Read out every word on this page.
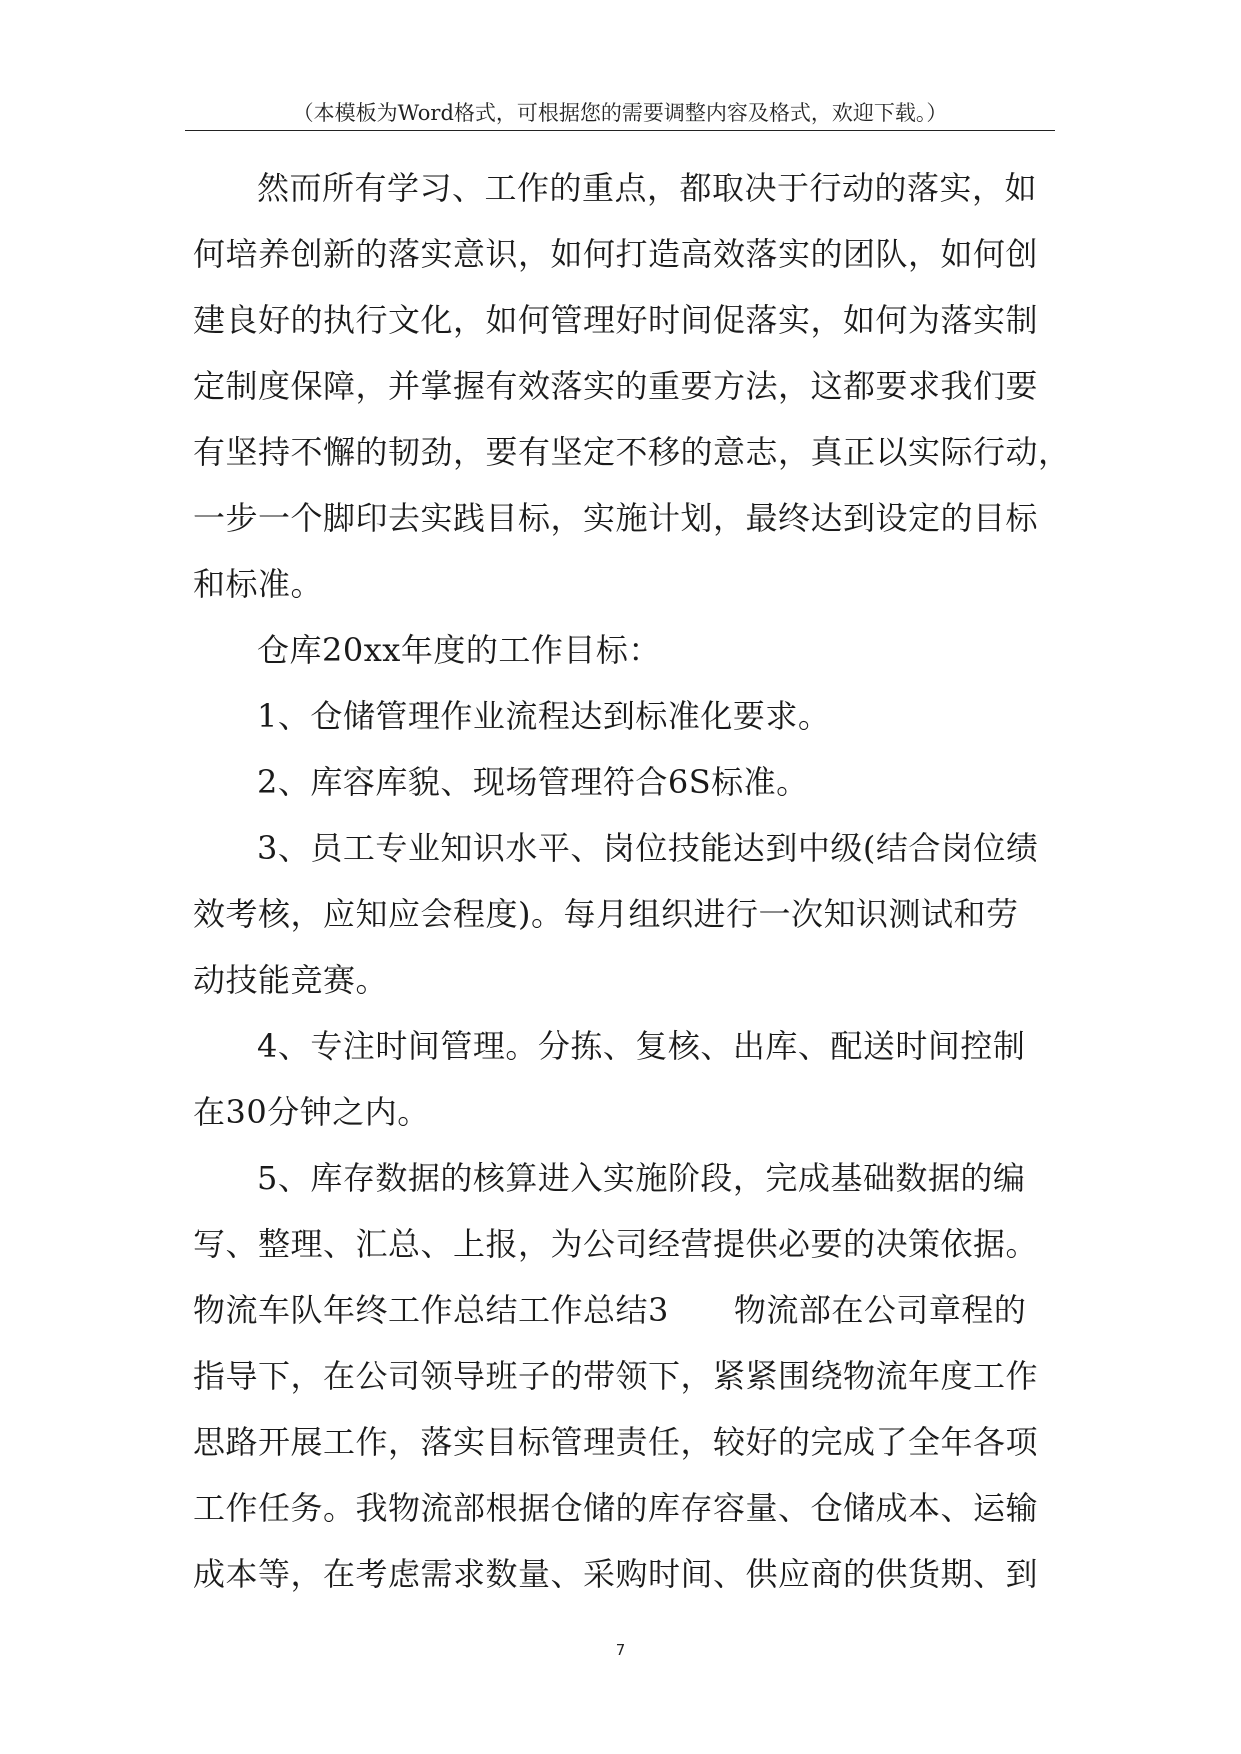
（本模板为Word格式，可根据您的需要调整内容及格式，欢迎下载。）
然而所有学习、工作的重点，都取决于行动的落实，如
何培养创新的落实意识，如何打造高效落实的团队，如何创
建良好的执行文化，如何管理好时间促落实，如何为落实制
定制度保障，并掌握有效落实的重要方法，这都要求我们要
有坚持不懈的韧劲，要有坚定不移的意志，真正以实际行动，
一步一个脚印去实践目标，实施计划，最终达到设定的目标
和标准。
仓库20xx年度的工作目标：
1、仓储管理作业流程达到标准化要求。
2、库容库貌、现场管理符合6S标准。
3、员工专业知识水平、岗位技能达到中级(结合岗位绩
效考核，应知应会程度)。每月组织进行一次知识测试和劳
动技能竞赛。
4、专注时间管理。分拣、复核、出库、配送时间控制
在30分钟之内。
5、库存数据的核算进入实施阶段，完成基础数据的编
写、整理、汇总、上报，为公司经营提供必要的决策依据。
物流车队年终工作总结工作总结3　　物流部在公司章程的
指导下，在公司领导班子的带领下，紧紧围绕物流年度工作
思路开展工作，落实目标管理责任，较好的完成了全年各项
工作任务。我物流部根据仓储的库存容量、仓储成本、运输
成本等，在考虑需求数量、采购时间、供应商的供货期、到
7
